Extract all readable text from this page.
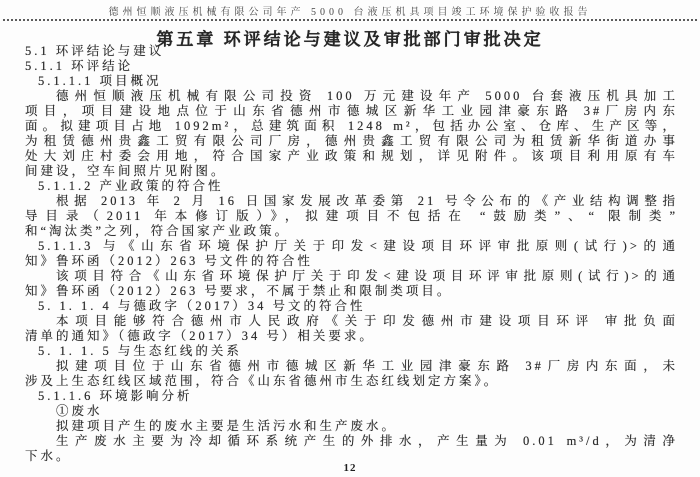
德州恒顺液压机械有限公司年产 5000 台液压机具项目竣工环境保护验收报告
第五章 环评结论与建议及审批部门审批决定
5.1 环评结论与建议
5.1.1 环评结论
5.1.1.1 项目概况
德州恒顺液压机械有限公司投资 100 万元建设年产 5000 台套液压机具加工
项目，项目建设地点位于山东省德州市德城区新华工业园津豪东路 3#厂房内东
面。拟建项目占地 1092m²，总建筑面积 1248 m²，包括办公室、仓库、生产区等，
为租赁德州贵鑫工贸有限公司厂房，德州贵鑫工贸有限公司为租赁新华街道办事
处大刘庄村委会用地，符合国家产业政策和规划，详见附件。该项目利用原有车
间建设，空车间照片见附图。
5.1.1.2 产业政策的符合性
根据 2013 年 2 月 16 日国家发展改革委第 21 号令公布的《产业结构调整指
导目录（2011 年本修订版）》，拟建项目不包括在 “鼓励类”、“ 限制类”
和“淘汰类”之列，符合国家产业政策。
5.1.1.3 与《山东省环境保护厅关于印发<建设项目环评审批原则(试行)>的通
知》鲁环函（2012）263 号文件的符合性
该项目符合《山东省环境保护厅关于印发<建设项目环评审批原则(试行)>的通
知》鲁环函（2012）263 号要求，不属于禁止和限制类项目。
5. 1. 1. 4 与德政字（2017）34 号文的符合性
本项目能够符合德州市人民政府《关于印发德州市建设项目环评 审批负面
清单的通知》（德政字（2017）34 号）相关要求。
5. 1. 1. 5 与生态红线的关系
拟建项目位于山东省德州市德城区新华工业园津豪东路 3#厂房内东面，未
涉及上生态红线区域范围，符合《山东省德州市生态红线划定方案》。
5.1.1.6 环境影响分析
①废水
拟建项目产生的废水主要是生活污水和生产废水。
生产废水主要为冷却循环系统产生的外排水，产生量为 0.01 m³/d，为清净
下水。
12
